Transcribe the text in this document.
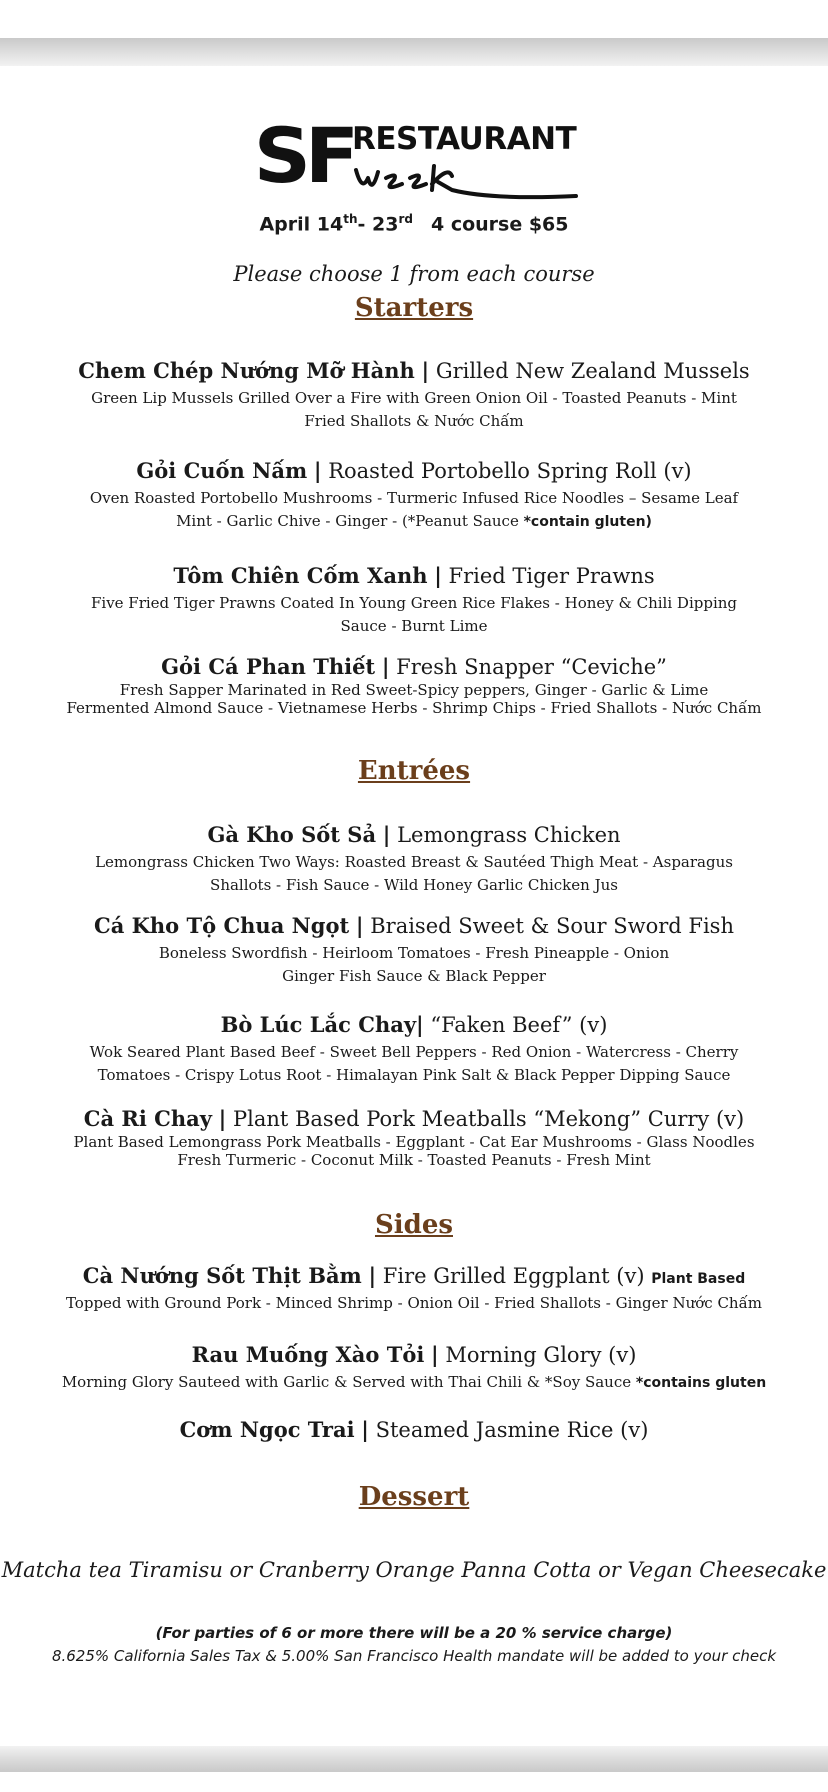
SF
RESTAURANT
April 14th- 23rd 4 course $65
Please choose 1 from each course
Starters
Chem Chép Nướng Mỡ Hành | Grilled New Zealand Mussels
Green Lip Mussels Grilled Over a Fire with Green Onion Oil - Toasted Peanuts - Mint
Fried Shallots & Nước Chấm
Gỏi Cuốn Nấm | Roasted Portobello Spring Roll (v)
Oven Roasted Portobello Mushrooms - Turmeric Infused Rice Noodles – Sesame Leaf
Mint - Garlic Chive - Ginger - (*Peanut Sauce *contain gluten)
Tôm Chiên Cốm Xanh | Fried Tiger Prawns
Five Fried Tiger Prawns Coated In Young Green Rice Flakes - Honey & Chili Dipping
Sauce - Burnt Lime
Gỏi Cá Phan Thiết | Fresh Snapper “Ceviche”
Fresh Sapper Marinated in Red Sweet-Spicy peppers, Ginger - Garlic & Lime
Fermented Almond Sauce - Vietnamese Herbs - Shrimp Chips - Fried Shallots - Nước Chấm
Entrées
Gà Kho Sốt Sả | Lemongrass Chicken
Lemongrass Chicken Two Ways: Roasted Breast & Sautéed Thigh Meat - Asparagus
Shallots - Fish Sauce - Wild Honey Garlic Chicken Jus
Cá Kho Tộ Chua Ngọt | Braised Sweet & Sour Sword Fish
Boneless Swordfish - Heirloom Tomatoes - Fresh Pineapple - Onion
Ginger Fish Sauce & Black Pepper
Bò Lúc Lắc Chay| “Faken Beef” (v)
Wok Seared Plant Based Beef - Sweet Bell Peppers - Red Onion - Watercress - Cherry
Tomatoes - Crispy Lotus Root - Himalayan Pink Salt & Black Pepper Dipping Sauce
Cà Ri Chay | Plant Based Pork Meatballs “Mekong” Curry (v)
Plant Based Lemongrass Pork Meatballs - Eggplant - Cat Ear Mushrooms - Glass Noodles
Fresh Turmeric - Coconut Milk - Toasted Peanuts - Fresh Mint
Sides
Cà Nướng Sốt Thịt Bằm | Fire Grilled Eggplant (v) Plant Based
Topped with Ground Pork - Minced Shrimp - Onion Oil - Fried Shallots - Ginger Nước Chấm
Rau Muống Xào Tỏi | Morning Glory (v)
Morning Glory Sauteed with Garlic & Served with Thai Chili & *Soy Sauce *contains gluten
Cơm Ngọc Trai | Steamed Jasmine Rice (v)
Dessert
Matcha tea Tiramisu or Cranberry Orange Panna Cotta or Vegan Cheesecake
(For parties of 6 or more there will be a 20 % service charge)
8.625% California Sales Tax & 5.00% San Francisco Health mandate will be added to your check
